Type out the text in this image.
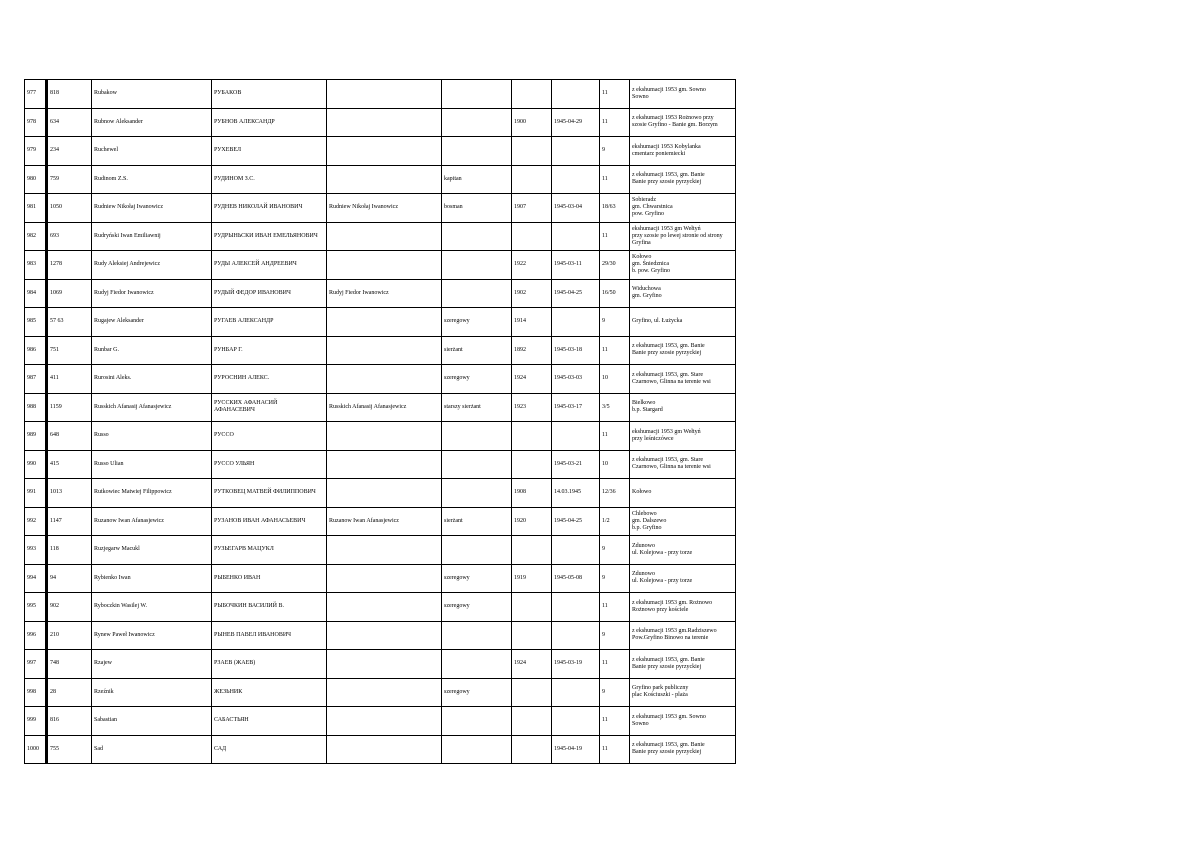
977	818	Rubakow	РУБАКОВ					11	z ekshumacji 1953 gm. Sowno
Sowno
978	634	Rubnow Aleksander	РУБНОВ АЛЕКСАНДР			1900	1945-04-29	11	z ekshumacji 1953 Rożnowo przy
szosie Gryfino - Banie gm. Borzym
979	234	Ruchewel	РУХЕВЕЛ					9	ekshumacji 1953 Kobylanka
cmentarz poniemiecki
980	759	Rudinom Z.S.	РУДИНОМ З.С.		kapitan			11	z ekshumacji 1953, gm. Banie
Banie przy szosie pyrzyckiej
981	1050	Rudniew Nikołaj Iwanowicz	РУДНЕВ НИКОЛАЙ ИВАНОВИЧ	Rudniew Nikołaj Iwanowicz	bosman	1907	1945-03-04	18/63	Sobieradz
gm. Chwarstnica
pow. Gryfino
982	693	Rudryński Iwan Emiliawnij	РУДРЫНЬСКИ ИВАН ЕМЕЛЬЯНОВИЧ					11	ekshumacji 1953 gm Wełtyń
przy szosie po lewej stronie od strony
Gryfina
983	1278	Rudy Aleksiej Andrejewicz	РУДЫ АЛЕКСЕЙ АНДРЕЕВИЧ			1922	1945-03-11	29/30	Kołowo
gm. Śniedznica
b. pow. Gryfino
984	1069	Rudyj Fiedor Iwanowicz	РУДЫЙ ФЕДОР ИВАНОВИЧ	Rudyj Fiedor Iwanowicz		1902	1945-04-25	16/50	Widuchowa
gm. Gryfino
985	57 63	Rugajew Aleksander	РУГАЕВ АЛЕКСАНДР		szeregowy	1914		9	Gryfino, ul. Łużycka
986	751	Runbar G.	РУНБАР Г.		sierżant	1892	1945-03-18	11	z ekshumacji 1953, gm. Banie
Banie przy szosie pyrzyckiej
987	411	Rurosini Aleks.	РУРОСНИН АЛЕКС.		szeregowy	1924	1945-03-03	10	z ekshumacji 1953, gm. Stare
Czarnowo, Glinna na terenie wsi
988	1159	Russkich Afanasij Afanasjewicz	РУССКИХ АФАНАСИЙ
АФАНАСЕВИЧ	Russkich Afanasij Afanasjewicz	starszy sierżant	1923	1945-03-17	3/5	Bielkowo
b.p. Stargard
989	648	Russo	РУССО					11	ekshumacji 1953 gm Wełtyń
przy leśniczówce
990	415	Russo Ulian	РУССО УЛЬЯН				1945-03-21	10	z ekshumacji 1953, gm. Stare
Czarnowo, Glinna na terenie wsi
991	1013	Rutkowiec Matwiej Filippowicz	РУТКОВЕЦ МАТВЕЙ ФИЛИППОВИЧ			1908	14.03.1945	12/36	Kołowo
992	1147	Ruzanow Iwan Afanasjewicz	РУЗАНОВ ИВАН АФАНАСЬЕВИЧ	Ruzanow Iwan Afanasjewicz	sierżant	1920	1945-04-25	1/2	Chlebowo
gm. Dalszewo
b.p. Gryfino
993	118	Ruzjegarw Macukl	РУЗЬЕГАРВ МАЦУКЛ					9	Zdunowo
ul. Kolejowa - przy torze
994	94	Rybienko Iwan	РЫБЕНКО ИВАН		szeregowy	1919	1945-05-08	9	Zdunowo
ul. Kolejowa - przy torze
995	902	Ryboczkin Wasilej W.	РЫБОЧКИН ВАСИЛИЙ В.		szeregowy			11	z ekshumacji 1953 gm. Rożnowo
Rożnowo przy kościele
996	210	Rynew Paweł Iwanowicz	РЫНЕВ ПАВЕЛ ИВАНОВИЧ					9	z ekshumacji 1953 gm.Radziszewo
Pow.Gryfino Binowo na terenie
997	748	Rzajew	РЗАЕВ (ЖАЕВ)			1924	1945-03-19	11	z ekshumacji 1953, gm. Banie
Banie przy szosie pyrzyckiej
998	28	Rzeźnik	ЖЕЗЬНИК		szeregowy			9	Gryfino park publiczny
plac Kościuszki - plaża
999	816	Sabastian	САБАСТЬЯН					11	z ekshumacji 1953 gm. Sowno
Sowno
1000	755	Sad	САД				1945-04-19	11	z ekshumacji 1953, gm. Banie
Banie przy szosie pyrzyckiej
